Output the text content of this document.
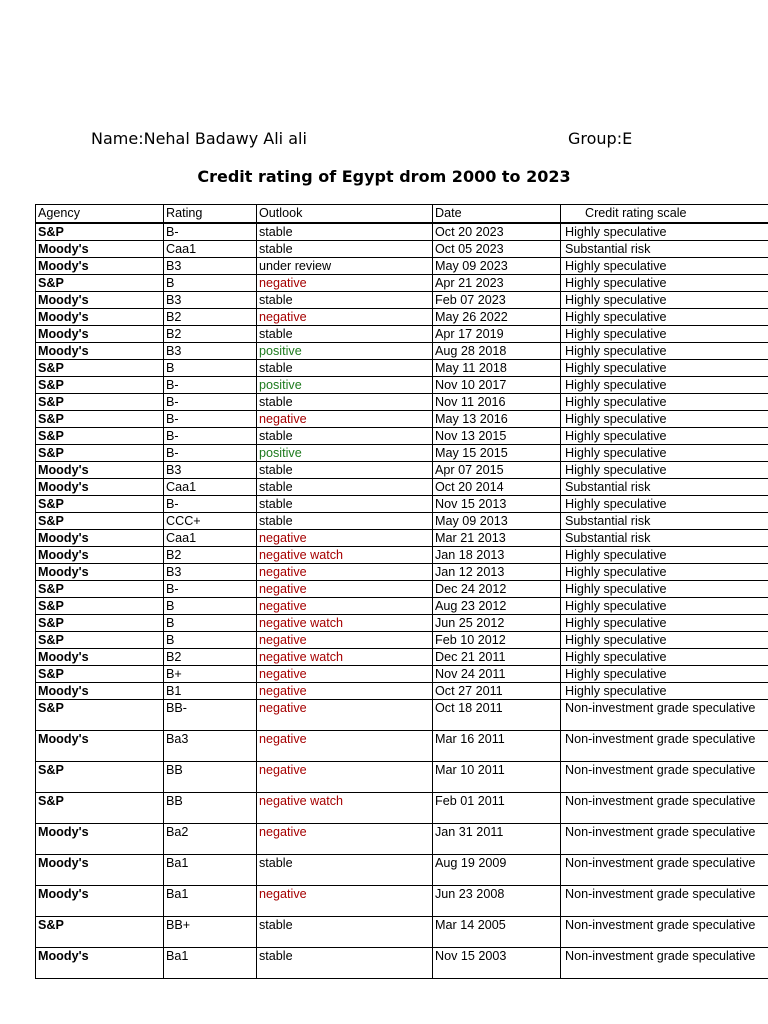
Name:Nehal Badawy Ali ali	Group:E
Credit rating of Egypt drom 2000 to 2023
Agency	Rating	Outlook	Date	Credit rating scale
S&P	B-	stable	Oct 20 2023	Highly speculative
Moody's	Caa1	stable	Oct 05 2023	Substantial risk
Moody's	B3	under review	May 09 2023	Highly speculative
S&P	B	negative	Apr 21 2023	Highly speculative
Moody's	B3	stable	Feb 07 2023	Highly speculative
Moody's	B2	negative	May 26 2022	Highly speculative
Moody's	B2	stable	Apr 17 2019	Highly speculative
Moody's	B3	positive	Aug 28 2018	Highly speculative
S&P	B	stable	May 11 2018	Highly speculative
S&P	B-	positive	Nov 10 2017	Highly speculative
S&P	B-	stable	Nov 11 2016	Highly speculative
S&P	B-	negative	May 13 2016	Highly speculative
S&P	B-	stable	Nov 13 2015	Highly speculative
S&P	B-	positive	May 15 2015	Highly speculative
Moody's	B3	stable	Apr 07 2015	Highly speculative
Moody's	Caa1	stable	Oct 20 2014	Substantial risk
S&P	B-	stable	Nov 15 2013	Highly speculative
S&P	CCC+	stable	May 09 2013	Substantial risk
Moody's	Caa1	negative	Mar 21 2013	Substantial risk
Moody's	B2	negative watch	Jan 18 2013	Highly speculative
Moody's	B3	negative	Jan 12 2013	Highly speculative
S&P	B-	negative	Dec 24 2012	Highly speculative
S&P	B	negative	Aug 23 2012	Highly speculative
S&P	B	negative watch	Jun 25 2012	Highly speculative
S&P	B	negative	Feb 10 2012	Highly speculative
Moody's	B2	negative watch	Dec 21 2011	Highly speculative
S&P	B+	negative	Nov 24 2011	Highly speculative
Moody's	B1	negative	Oct 27 2011	Highly speculative
S&P	BB-	negative	Oct 18 2011	Non-investment grade speculative
Moody's	Ba3	negative	Mar 16 2011	Non-investment grade speculative
S&P	BB	negative	Mar 10 2011	Non-investment grade speculative
S&P	BB	negative watch	Feb 01 2011	Non-investment grade speculative
Moody's	Ba2	negative	Jan 31 2011	Non-investment grade speculative
Moody's	Ba1	stable	Aug 19 2009	Non-investment grade speculative
Moody's	Ba1	negative	Jun 23 2008	Non-investment grade speculative
S&P	BB+	stable	Mar 14 2005	Non-investment grade speculative
Moody's	Ba1	stable	Nov 15 2003	Non-investment grade speculative
